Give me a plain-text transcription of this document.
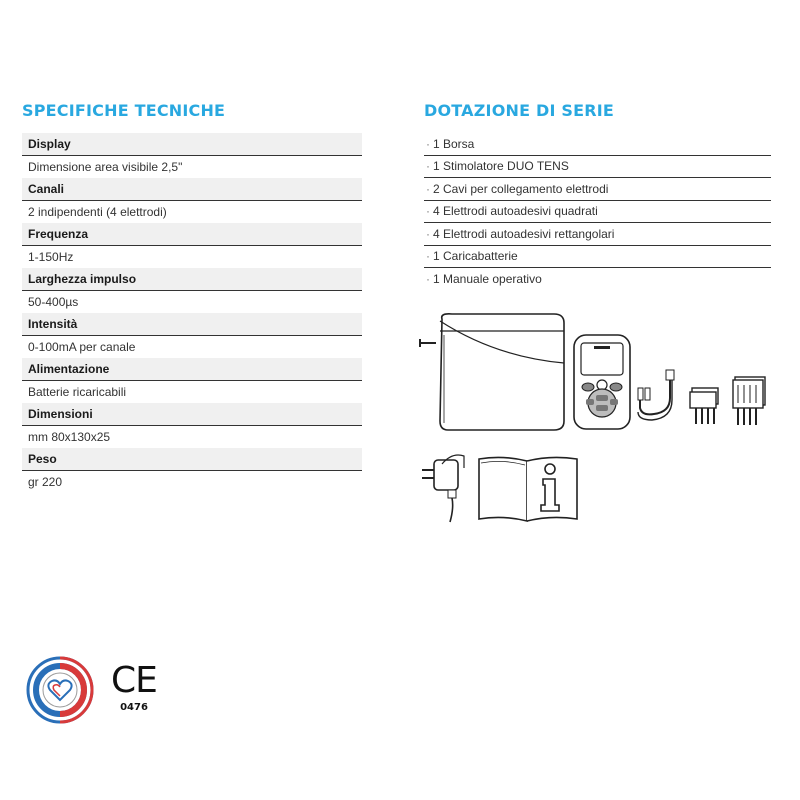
SPECIFICHE TECNICHE	DOTAZIONE DI SERIE
Display
Dimensione area visibile 2,5"
Canali
2 indipendenti (4 elettrodi)
Frequenza
1-150Hz
Larghezza impulso
50-400µs
Intensità
0-100mA per canale
Alimentazione
Batterie ricaricabili
Dimensioni
mm 80x130x25
Peso
gr 220
· 1 Borsa
· 1 Stimolatore DUO TENS
· 2 Cavi per collegamento elettrodi
· 4 Elettrodi autoadesivi quadrati
· 4 Elettrodi autoadesivi rettangolari
· 1 Caricabatterie
· 1 Manuale operativo
CE
0476
